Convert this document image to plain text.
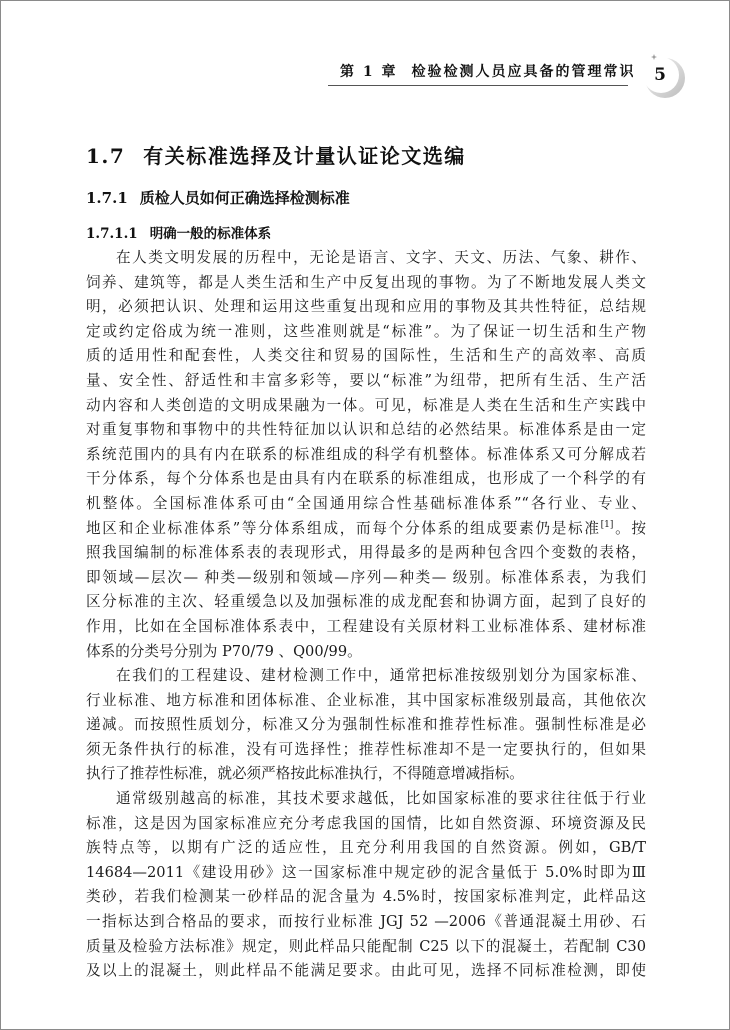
第 1 章 检验检测人员应具备的管理常识	5
1.7 有关标准选择及计量认证论文选编
1.7.1 质检人员如何正确选择检测标准
1.7.1.1 明确一般的标准体系
在人类文明发展的历程中，无论是语言、文字、天文、历法、气象、耕作、
饲养、建筑等，都是人类生活和生产中反复出现的事物。为了不断地发展人类文
明，必须把认识、处理和运用这些重复出现和应用的事物及其共性特征，总结规
定或约定俗成为统一准则，这些准则就是“标准”。为了保证一切生活和生产物
质的适用性和配套性，人类交往和贸易的国际性，生活和生产的高效率、高质
量、安全性、舒适性和丰富多彩等，要以“标准”为纽带，把所有生活、生产活
动内容和人类创造的文明成果融为一体。可见，标准是人类在生活和生产实践中
对重复事物和事物中的共性特征加以认识和总结的必然结果。标准体系是由一定
系统范围内的具有内在联系的标准组成的科学有机整体。标准体系又可分解成若
干分体系，每个分体系也是由具有内在联系的标准组成，也形成了一个科学的有
机整体。全国标准体系可由“全国通用综合性基础标准体系”“各行业、专业、
地区和企业标准体系”等分体系组成，而每个分体系的组成要素仍是标准[1]。按
照我国编制的标准体系表的表现形式，用得最多的是两种包含四个变数的表格，
即领域—层次— 种类—级别和领域—序列—种类— 级别。标准体系表，为我们
区分标准的主次、轻重缓急以及加强标准的成龙配套和协调方面，起到了良好的
作用，比如在全国标准体系表中，工程建设有关原材料工业标准体系、建材标准
体系的分类号分别为 P70/79 、Q00/99。
在我们的工程建设、建材检测工作中，通常把标准按级别划分为国家标准、
行业标准、地方标准和团体标准、企业标准，其中国家标准级别最高，其他依次
递减。而按照性质划分，标准又分为强制性标准和推荐性标准。强制性标准是必
须无条件执行的标准，没有可选择性；推荐性标准却不是一定要执行的，但如果
执行了推荐性标准，就必须严格按此标准执行，不得随意增减指标。
通常级别越高的标准，其技术要求越低，比如国家标准的要求往往低于行业
标准，这是因为国家标准应充分考虑我国的国情，比如自然资源、环境资源及民
族特点等，以期有广泛的适应性，且充分利用我国的自然资源。例如，GB/T
14684—2011《建设用砂》这一国家标准中规定砂的泥含量低于 5.0%时即为Ⅲ
类砂，若我们检测某一砂样品的泥含量为 4.5%时，按国家标准判定，此样品这
一指标达到合格品的要求，而按行业标准 JGJ 52 —2006《普通混凝土用砂、石
质量及检验方法标准》规定，则此样品只能配制 C25 以下的混凝土，若配制 C30
及以上的混凝土，则此样品不能满足要求。由此可见，选择不同标准检测，即使
